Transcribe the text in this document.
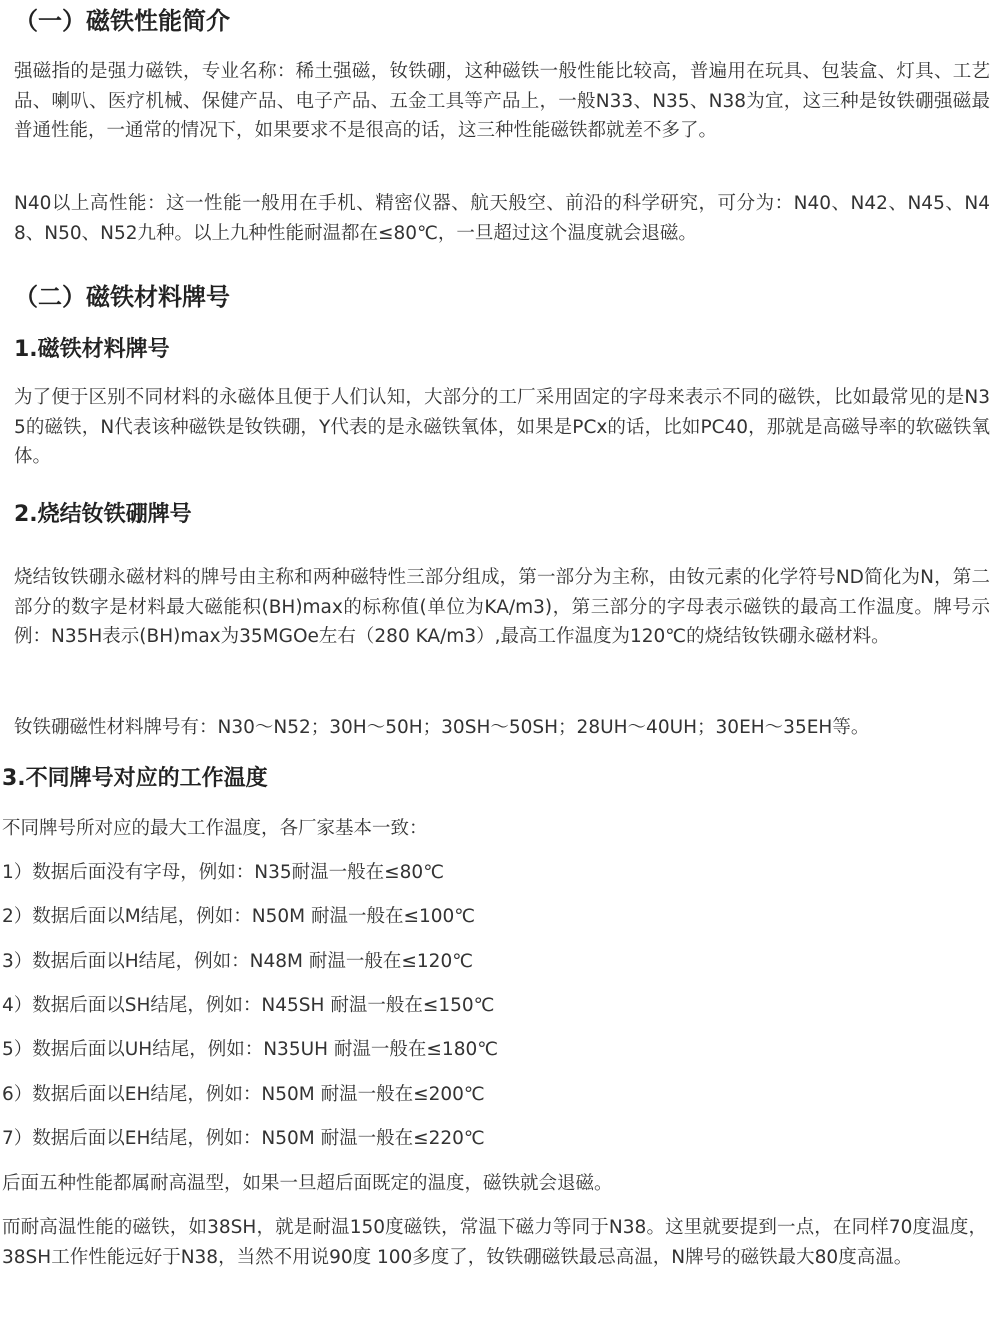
（一）磁铁性能简介
强磁指的是强力磁铁，专业名称：稀土强磁，钕铁硼，这种磁铁一般性能比较高，普遍用在玩具、包装盒、灯具、工艺品、喇叭、医疗机械、保健产品、电子产品、五金工具等产品上，一般N33、N35、N38为宜，这三种是钕铁硼强磁最普通性能，一通常的情况下，如果要求不是很高的话，这三种性能磁铁都就差不多了。
N40以上高性能：这一性能一般用在手机、精密仪器、航天般空、前沿的科学研究，可分为：N40、N42、N45、N48、N50、N52九种。以上九种性能耐温都在≤80℃，一旦超过这个温度就会退磁。
（二）磁铁材料牌号
1.磁铁材料牌号
为了便于区别不同材料的永磁体且便于人们认知，大部分的工厂采用固定的字母来表示不同的磁铁，比如最常见的是N35的磁铁，N代表该种磁铁是钕铁硼，Y代表的是永磁铁氧体，如果是PCx的话，比如PC40，那就是高磁导率的软磁铁氧体。
2.烧结钕铁硼牌号
烧结钕铁硼永磁材料的牌号由主称和两种磁特性三部分组成，第一部分为主称，由钕元素的化学符号ND简化为N，第二部分的数字是材料最大磁能积(BH)max的标称值(单位为KA/m3)，第三部分的字母表示磁铁的最高工作温度。牌号示例：N35H表示(BH)max为35MGOe左右（280 KA/m3）,最高工作温度为120℃的烧结钕铁硼永磁材料。
钕铁硼磁性材料牌号有：N30～N52；30H～50H；30SH～50SH；28UH～40UH；30EH～35EH等。
3.不同牌号对应的工作温度
不同牌号所对应的最大工作温度，各厂家基本一致：
1）数据后面没有字母，例如：N35耐温一般在≤80℃
2）数据后面以M结尾，例如：N50M 耐温一般在≤100℃
3）数据后面以H结尾，例如：N48M 耐温一般在≤120℃
4）数据后面以SH结尾，例如：N45SH 耐温一般在≤150℃
5）数据后面以UH结尾，例如：N35UH 耐温一般在≤180℃
6）数据后面以EH结尾，例如：N50M 耐温一般在≤200℃
7）数据后面以EH结尾，例如：N50M 耐温一般在≤220℃
后面五种性能都属耐高温型，如果一旦超后面既定的温度，磁铁就会退磁。
而耐高温性能的磁铁，如38SH，就是耐温150度磁铁，常温下磁力等同于N38。这里就要提到一点，在同样70度温度，38SH工作性能远好于N38，当然不用说90度 100多度了，钕铁硼磁铁最忌高温，N牌号的磁铁最大80度高温。
